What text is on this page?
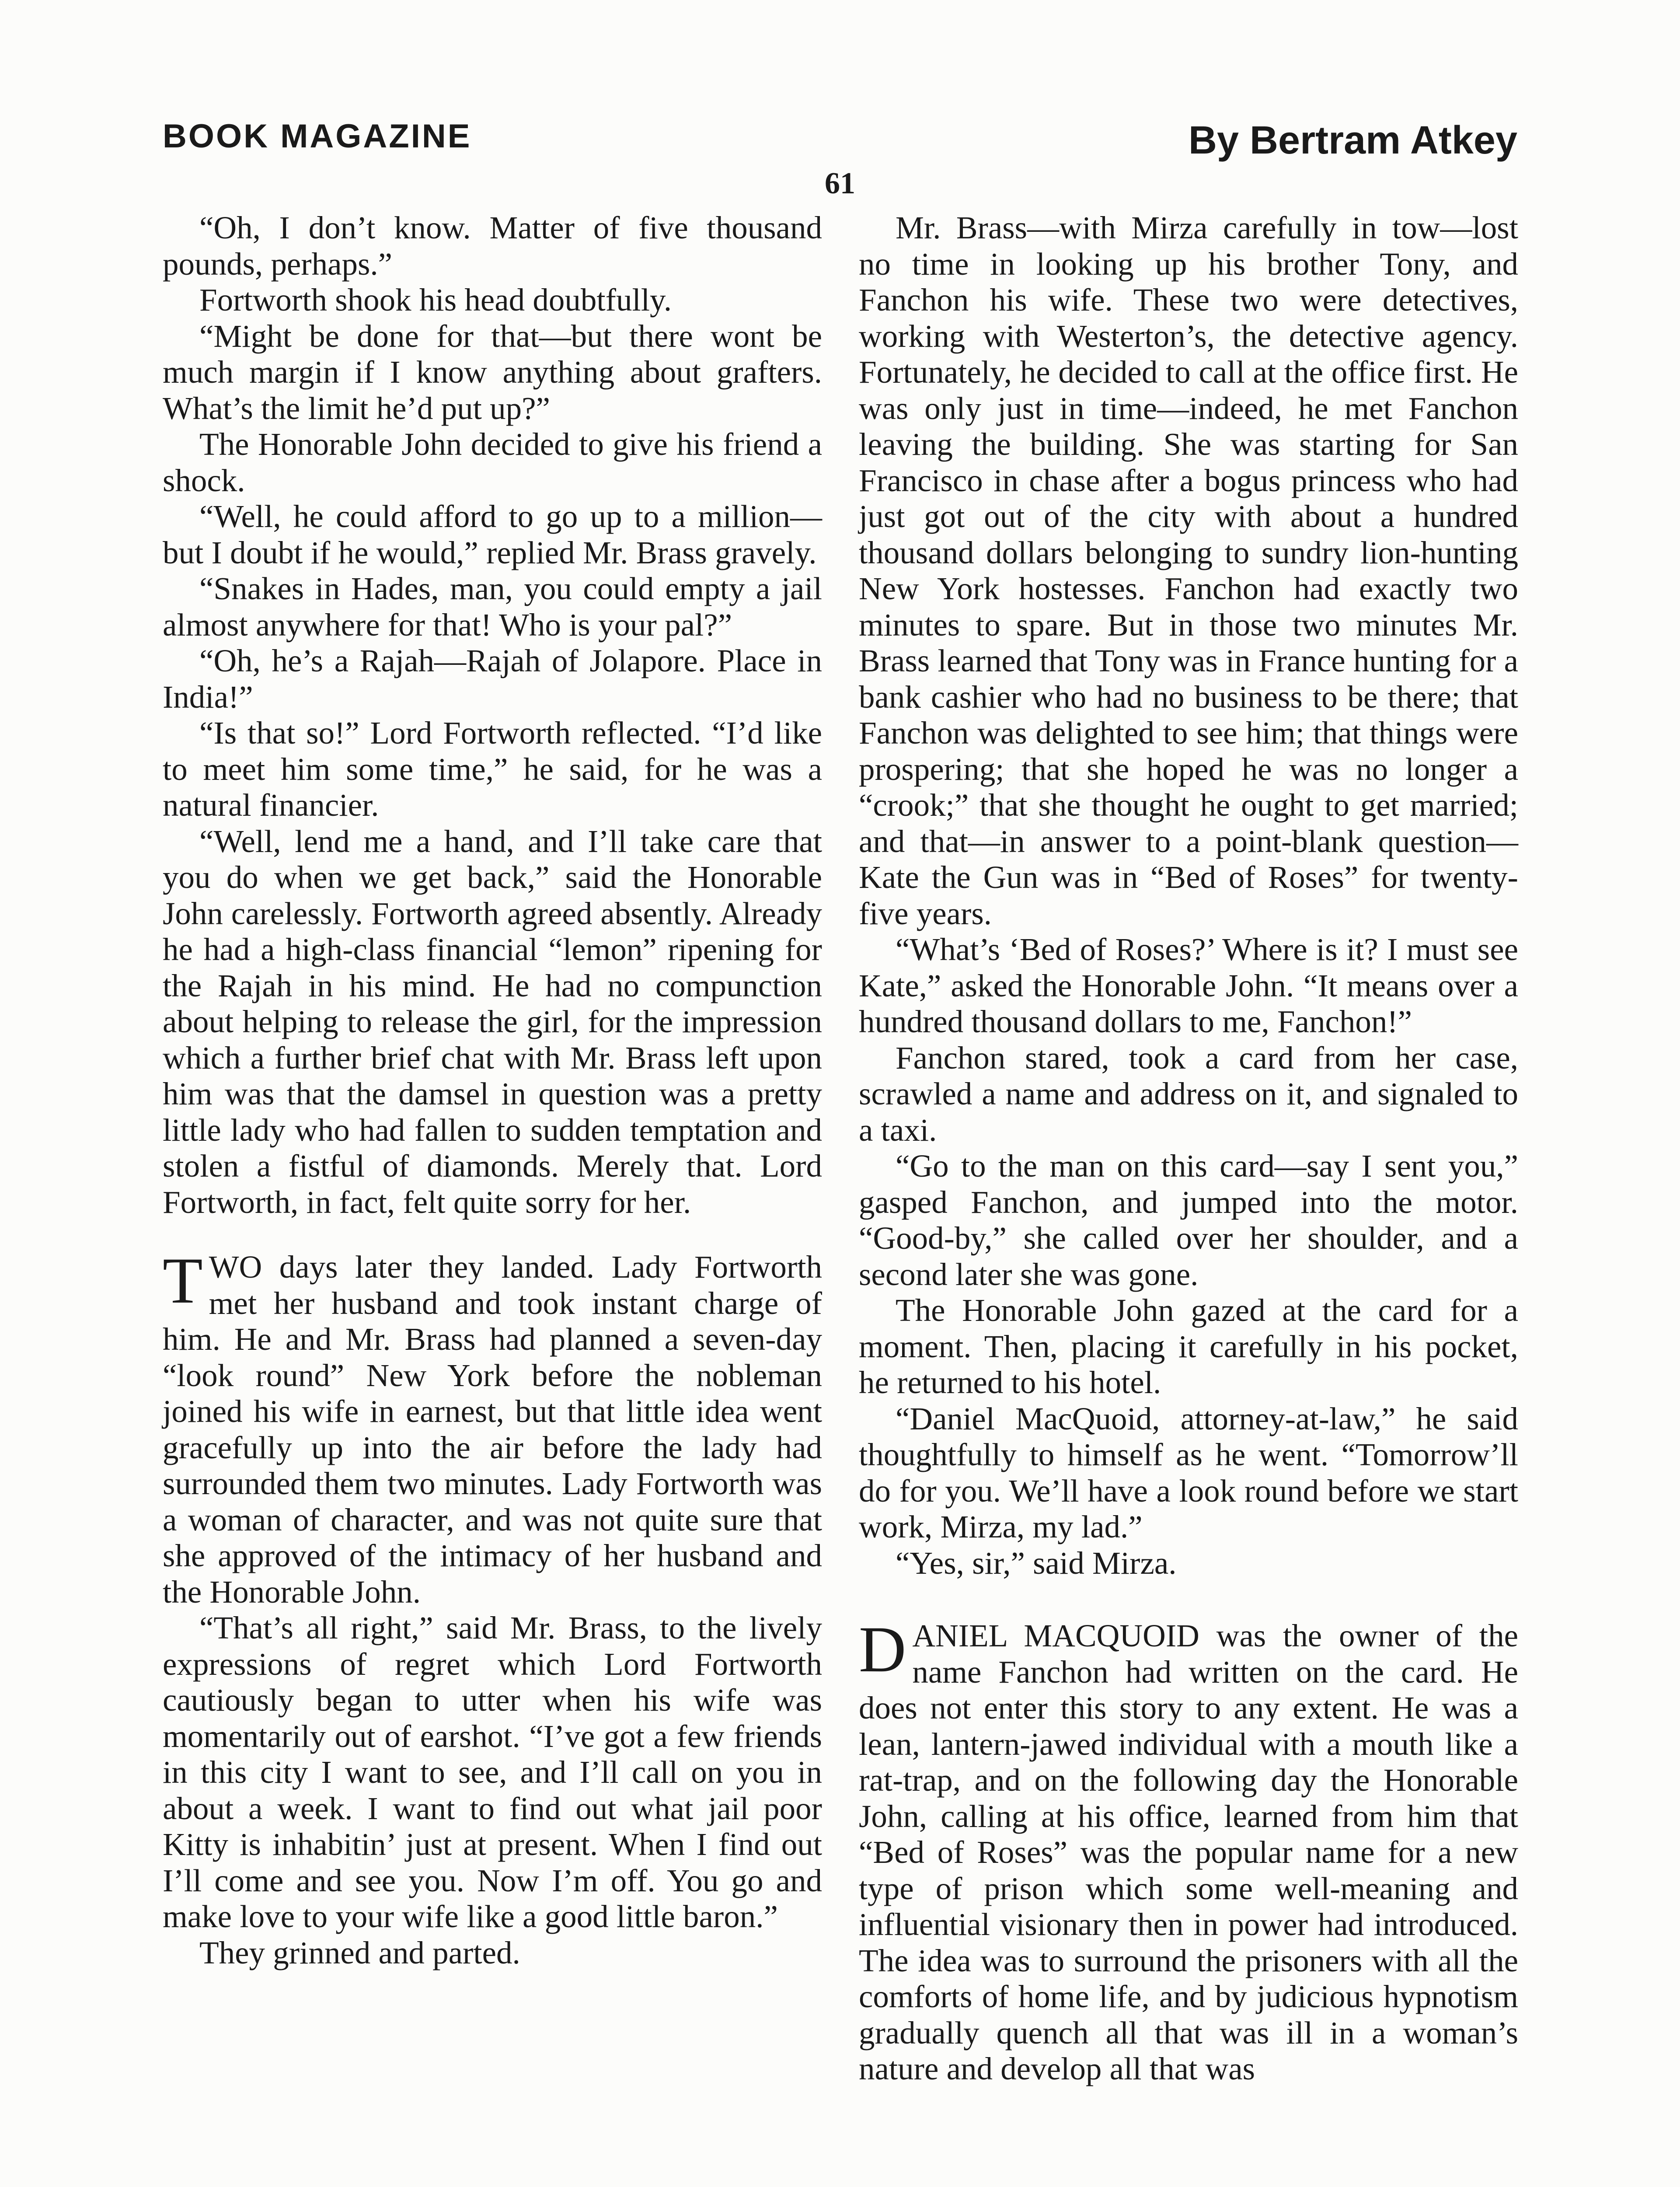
BOOK MAGAZINE	By Bertram Atkey
61

“Oh, I don’t know. Matter of five thousand pounds, perhaps.”

Fortworth shook his head doubtfully.

“Might be done for that—but there wont be much margin if I know anything about grafters. What’s the limit he’d put up?”

The Honorable John decided to give his friend a shock.

“Well, he could afford to go up to a million—but I doubt if he would,” replied Mr. Brass gravely.

“Snakes in Hades, man, you could empty a jail almost anywhere for that! Who is your pal?”

“Oh, he’s a Rajah—Rajah of Jolapore. Place in India!”

“Is that so!” Lord Fortworth reflected. “I’d like to meet him some time,” he said, for he was a natural financier.

“Well, lend me a hand, and I’ll take care that you do when we get back,” said the Honorable John carelessly. Fortworth agreed absently. Already he had a high-class financial “lemon” ripening for the Rajah in his mind. He had no compunction about helping to release the girl, for the impression which a further brief chat with Mr. Brass left upon him was that the damsel in question was a pretty little lady who had fallen to sudden temptation and stolen a fistful of diamonds. Merely that. Lord Fortworth, in fact, felt quite sorry for her.

TWO days later they landed. Lady Fortworth met her husband and took instant charge of him. He and Mr. Brass had planned a seven-day “look round” New York before the nobleman joined his wife in earnest, but that little idea went gracefully up into the air before the lady had surrounded them two minutes. Lady Fortworth was a woman of character, and was not quite sure that she approved of the intimacy of her husband and the Honorable John.

“That’s all right,” said Mr. Brass, to the lively expressions of regret which Lord Fortworth cautiously began to utter when his wife was momentarily out of earshot. “I’ve got a few friends in this city I want to see, and I’ll call on you in about a week. I want to find out what jail poor Kitty is inhabitin’ just at present. When I find out I’ll come and see you. Now I’m off. You go and make love to your wife like a good little baron.”

They grinned and parted.

Mr. Brass—with Mirza carefully in tow—lost no time in looking up his brother Tony, and Fanchon his wife. These two were detectives, working with Westerton’s, the detective agency. Fortunately, he decided to call at the office first. He was only just in time—indeed, he met Fanchon leaving the building. She was starting for San Francisco in chase after a bogus princess who had just got out of the city with about a hundred thousand dollars belonging to sundry lion-hunting New York hostesses. Fanchon had exactly two minutes to spare. But in those two minutes Mr. Brass learned that Tony was in France hunting for a bank cashier who had no business to be there; that Fanchon was delighted to see him; that things were prospering; that she hoped he was no longer a “crook;” that she thought he ought to get married; and that—in answer to a point-blank question—Kate the Gun was in “Bed of Roses” for twenty-five years.

“What’s ‘Bed of Roses?’ Where is it? I must see Kate,” asked the Honorable John. “It means over a hundred thousand dollars to me, Fanchon!”

Fanchon stared, took a card from her case, scrawled a name and address on it, and signaled to a taxi.

“Go to the man on this card—say I sent you,” gasped Fanchon, and jumped into the motor. “Good-by,” she called over her shoulder, and a second later she was gone.

The Honorable John gazed at the card for a moment. Then, placing it carefully in his pocket, he returned to his hotel.

“Daniel MacQuoid, attorney-at-law,” he said thoughtfully to himself as he went. “Tomorrow’ll do for you. We’ll have a look round before we start work, Mirza, my lad.”

“Yes, sir,” said Mirza.

DANIEL MACQUOID was the owner of the name Fanchon had written on the card. He does not enter this story to any extent. He was a lean, lantern-jawed individual with a mouth like a rat-trap, and on the following day the Honorable John, calling at his office, learned from him that “Bed of Roses” was the popular name for a new type of prison which some well-meaning and influential visionary then in power had introduced. The idea was to surround the prisoners with all the comforts of home life, and by judicious hypnotism gradually quench all that was ill in a woman’s nature and develop all that was
